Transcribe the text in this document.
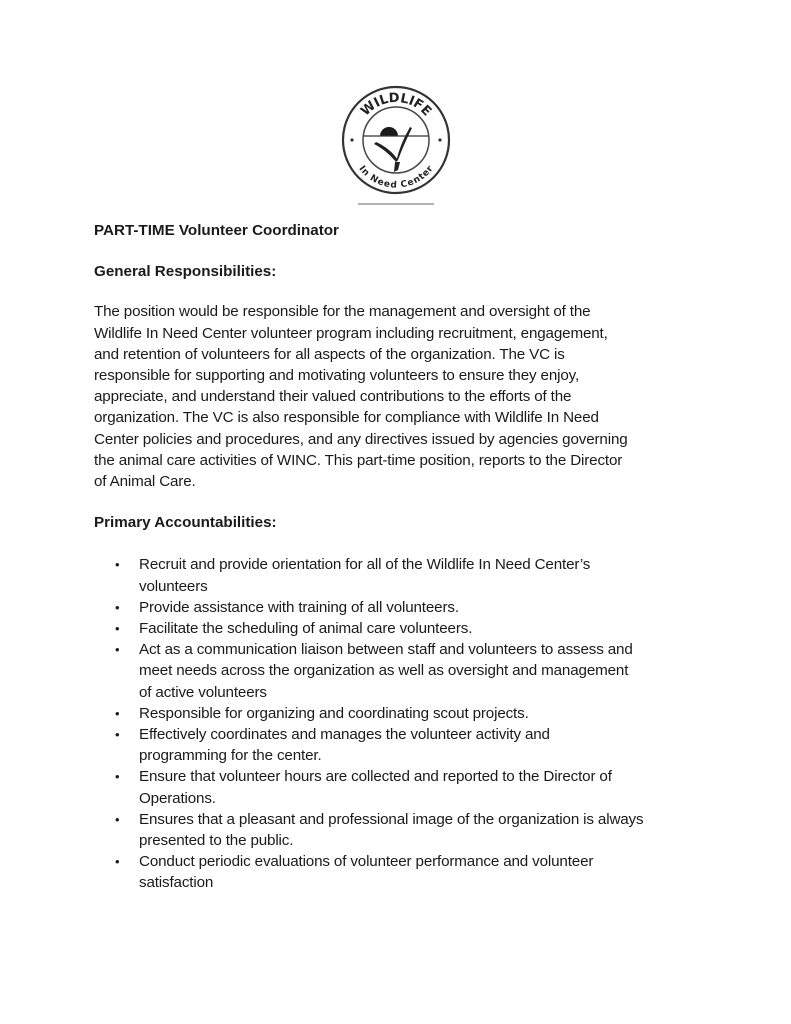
WILDLIFE
In Need Center

PART-TIME Volunteer Coordinator

General Responsibilities:

The position would be responsible for the management and oversight of the
Wildlife In Need Center volunteer program including recruitment, engagement,
and retention of volunteers for all aspects of the organization. The VC is
responsible for supporting and motivating volunteers to ensure they enjoy,
appreciate, and understand their valued contributions to the efforts of the
organization. The VC is also responsible for compliance with Wildlife In Need
Center policies and procedures, and any directives issued by agencies governing
the animal care activities of WINC. This part-time position, reports to the Director
of Animal Care.

Primary Accountabilities:

• Recruit and provide orientation for all of the Wildlife In Need Center’s
volunteers
• Provide assistance with training of all volunteers.
• Facilitate the scheduling of animal care volunteers.
• Act as a communication liaison between staff and volunteers to assess and
meet needs across the organization as well as oversight and management
of active volunteers
• Responsible for organizing and coordinating scout projects.
• Effectively coordinates and manages the volunteer activity and
programming for the center.
• Ensure that volunteer hours are collected and reported to the Director of
Operations.
• Ensures that a pleasant and professional image of the organization is always
presented to the public.
• Conduct periodic evaluations of volunteer performance and volunteer
satisfaction
